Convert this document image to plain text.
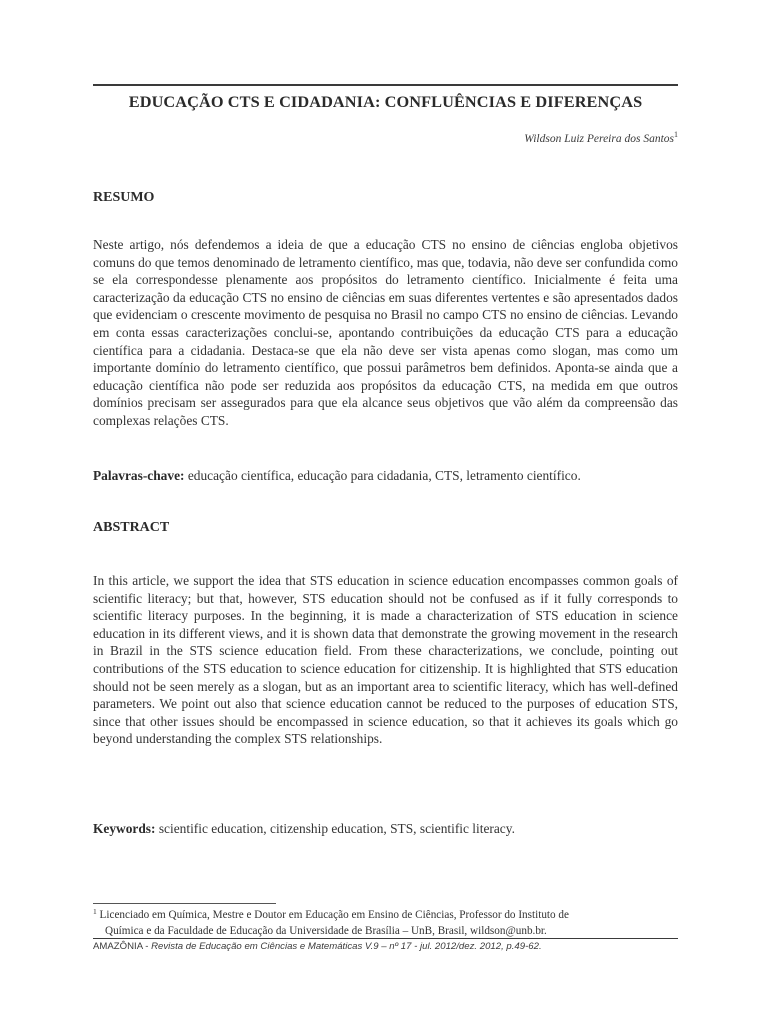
EDUCAÇÃO CTS E CIDADANIA: CONFLUÊNCIAS E DIFERENÇAS
Wildson Luiz Pereira dos Santos$^1$
RESUMO

Neste artigo, nós defendemos a ideia de que a educação CTS no ensino de ciências engloba objetivos comuns do que temos denominado de letramento científico, mas que, todavia, não deve ser confundida como se ela correspondesse plenamente aos propósitos do letramento científico. Inicialmente é feita uma caracterização da educação CTS no ensino de ciências em suas diferentes vertentes e são apresentados dados que evidenciam o crescente movimento de pesquisa no Brasil no campo CTS no ensino de ciências. Levando em conta essas caracterizações conclui-se, apontando contribuições da educação CTS para a educação científica para a cidadania. Destaca-se que ela não deve ser vista apenas como slogan, mas como um importante domínio do letramento científico, que possui parâmetros bem definidos. Aponta-se ainda que a educação científica não pode ser reduzida aos propósitos da educação CTS, na medida em que outros domínios precisam ser assegurados para que ela alcance seus objetivos que vão além da compreensão das complexas relações CTS.

Palavras-chave: educação científica, educação para cidadania, CTS, letramento científico.

ABSTRACT

In this article, we support the idea that STS education in science education encompasses common goals of scientific literacy; but that, however, STS education should not be confused as if it fully corresponds to scientific literacy purposes. In the beginning, it is made a characterization of STS education in science education in its different views, and it is shown data that demonstrate the growing movement in the research in Brazil in the STS science education field. From these characterizations, we conclude, pointing out contributions of the STS education to science education for citizenship. It is highlighted that STS education should not be seen merely as a slogan, but as an important area to scientific literacy, which has well-defined parameters. We point out also that science education cannot be reduced to the purposes of education STS, since that other issues should be encompassed in science education, so that it achieves its goals which go beyond understanding the complex STS relationships.

Keywords: scientific education, citizenship education, STS, scientific literacy.

$^1$ Licenciado em Química, Mestre e Doutor em Educação em Ensino de Ciências, Professor do Instituto de
Química e da Faculdade de Educação da Universidade de Brasília – UnB, Brasil, wildson@unb.br.
AMAZÔNIA - Revista de Educação em Ciências e Matemáticas V.9 – nº 17 - jul. 2012/dez. 2012, p.49-62.
